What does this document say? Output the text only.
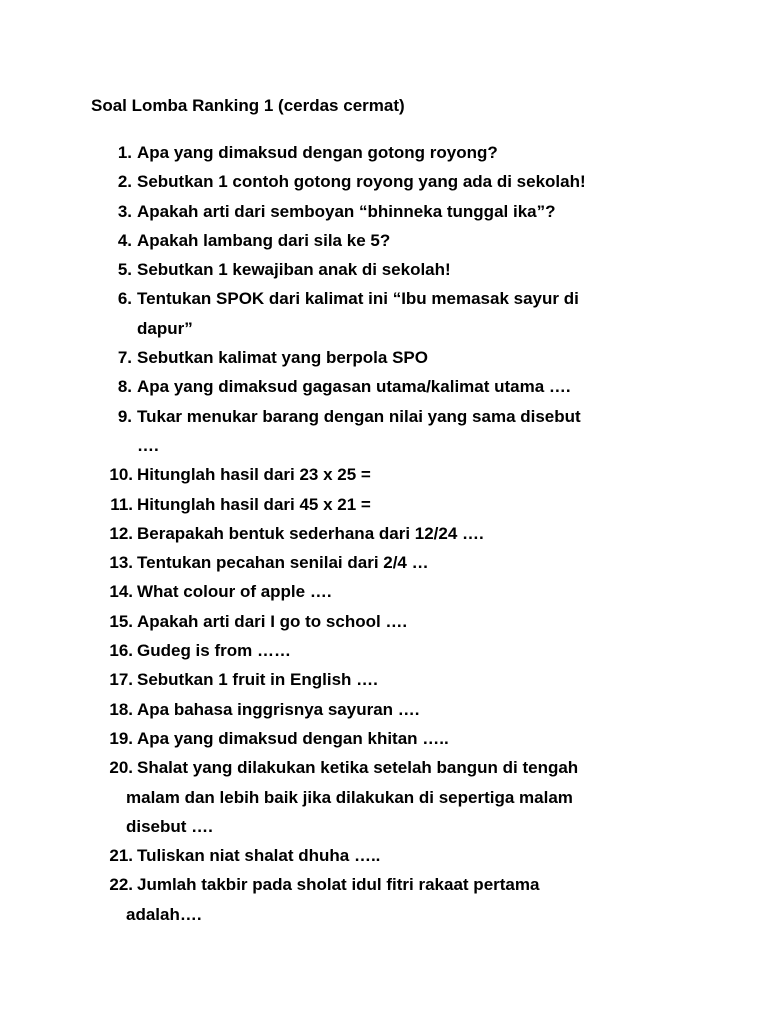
Soal Lomba Ranking 1 (cerdas cermat)
1. Apa yang dimaksud dengan gotong royong?
2. Sebutkan 1 contoh gotong royong yang ada di sekolah!
3. Apakah arti dari semboyan “bhinneka tunggal ika”?
4. Apakah lambang dari sila ke 5?
5. Sebutkan 1 kewajiban anak di sekolah!
6. Tentukan SPOK dari kalimat ini “Ibu memasak sayur di
dapur”
7. Sebutkan kalimat yang berpola SPO
8. Apa yang dimaksud gagasan utama/kalimat utama ….
9. Tukar menukar barang dengan nilai yang sama disebut
….
10. Hitunglah hasil dari 23 x 25 =
11. Hitunglah hasil dari 45 x 21 =
12. Berapakah bentuk sederhana dari 12/24 ….
13. Tentukan pecahan senilai dari 2/4 …
14. What colour of apple ….
15. Apakah arti dari I go to school ….
16. Gudeg is from ……
17. Sebutkan 1 fruit in English ….
18. Apa bahasa inggrisnya sayuran ….
19. Apa yang dimaksud dengan khitan …..
20. Shalat yang dilakukan ketika setelah bangun di tengah
malam dan lebih baik jika dilakukan di sepertiga malam
disebut ….
21. Tuliskan niat shalat dhuha …..
22. Jumlah takbir pada sholat idul fitri rakaat pertama
adalah….
